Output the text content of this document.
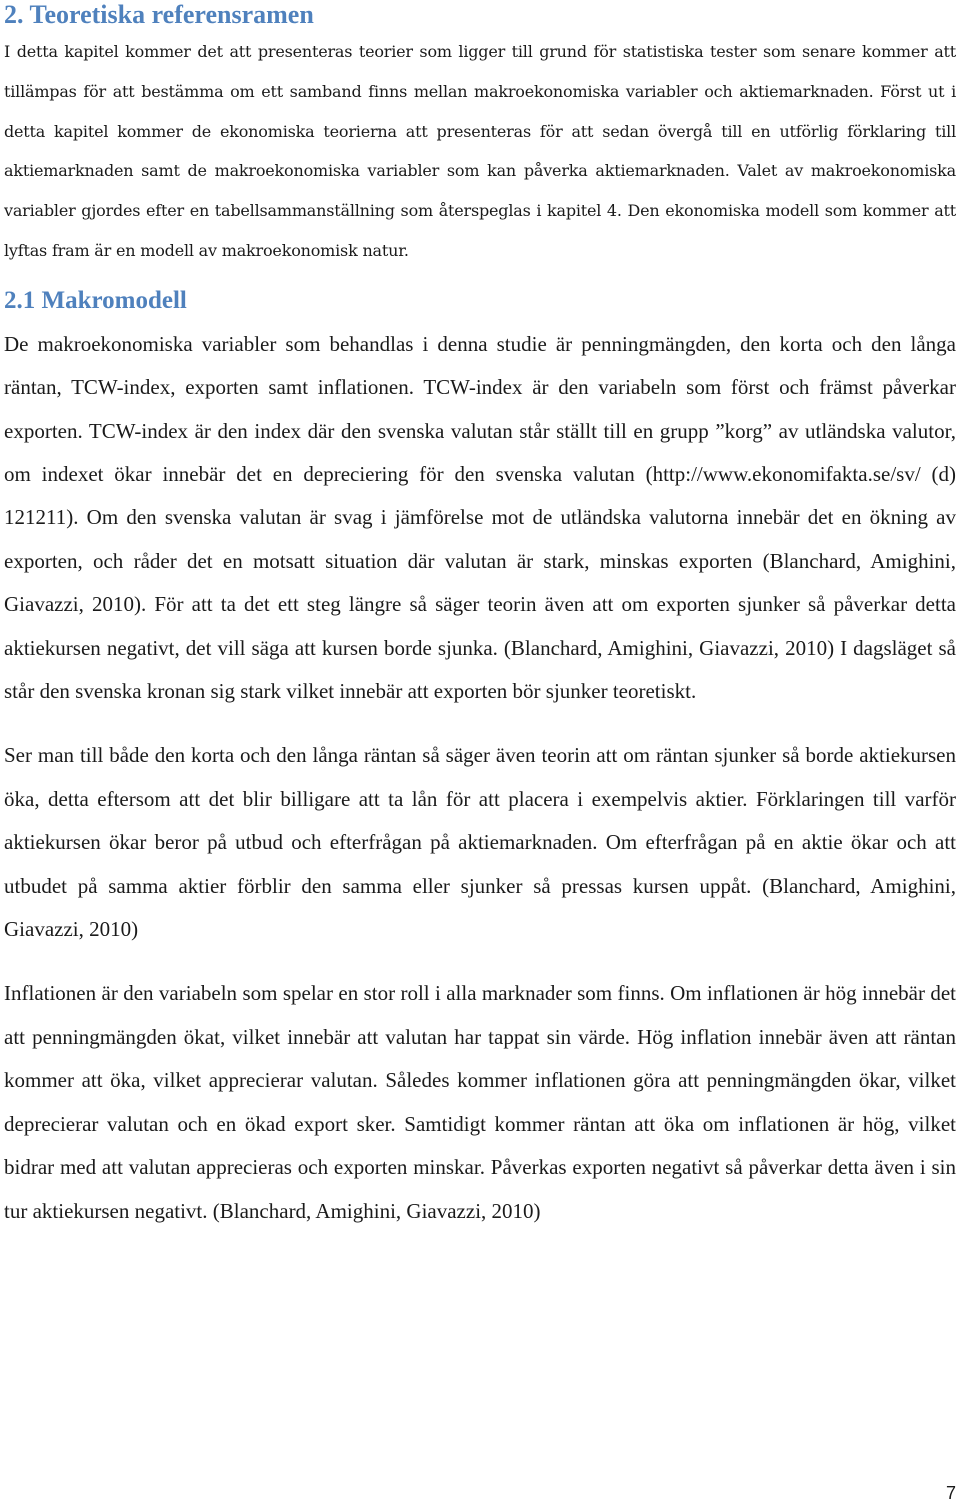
2. Teoretiska referensramen

I detta kapitel kommer det att presenteras teorier som ligger till grund för statistiska tester som senare kommer att tillämpas för att bestämma om ett samband finns mellan makroekonomiska variabler och aktiemarknaden. Först ut i detta kapitel kommer de ekonomiska teorierna att presenteras för att sedan övergå till en utförlig förklaring till aktiemarknaden samt de makroekonomiska variabler som kan påverka aktiemarknaden. Valet av makroekonomiska variabler gjordes efter en tabellsammanställning som återspeglas i kapitel 4. Den ekonomiska modell som kommer att lyftas fram är en modell av makroekonomisk natur.

2.1 Makromodell

De makroekonomiska variabler som behandlas i denna studie är penningmängden, den korta och den långa räntan, TCW-index, exporten samt inflationen. TCW-index är den variabeln som först och främst påverkar exporten. TCW-index är den index där den svenska valutan står ställt till en grupp ”korg” av utländska valutor, om indexet ökar innebär det en depreciering för den svenska valutan (http://www.ekonomifakta.se/sv/ (d) 121211). Om den svenska valutan är svag i jämförelse mot de utländska valutorna innebär det en ökning av exporten, och råder det en motsatt situation där valutan är stark, minskas exporten (Blanchard, Amighini, Giavazzi, 2010). För att ta det ett steg längre så säger teorin även att om exporten sjunker så påverkar detta aktiekursen negativt, det vill säga att kursen borde sjunka. (Blanchard, Amighini, Giavazzi, 2010) I dagsläget så står den svenska kronan sig stark vilket innebär att exporten bör sjunker teoretiskt.

Ser man till både den korta och den långa räntan så säger även teorin att om räntan sjunker så borde aktiekursen öka, detta eftersom att det blir billigare att ta lån för att placera i exempelvis aktier. Förklaringen till varför aktiekursen ökar beror på utbud och efterfrågan på aktiemarknaden. Om efterfrågan på en aktie ökar och att utbudet på samma aktier förblir den samma eller sjunker så pressas kursen uppåt. (Blanchard, Amighini, Giavazzi, 2010)

Inflationen är den variabeln som spelar en stor roll i alla marknader som finns. Om inflationen är hög innebär det att penningmängden ökat, vilket innebär att valutan har tappat sin värde. Hög inflation innebär även att räntan kommer att öka, vilket apprecierar valutan. Således kommer inflationen göra att penningmängden ökar, vilket deprecierar valutan och en ökad export sker. Samtidigt kommer räntan att öka om inflationen är hög, vilket bidrar med att valutan apprecieras och exporten minskar. Påverkas exporten negativt så påverkar detta även i sin tur aktiekursen negativt. (Blanchard, Amighini, Giavazzi, 2010)

7
